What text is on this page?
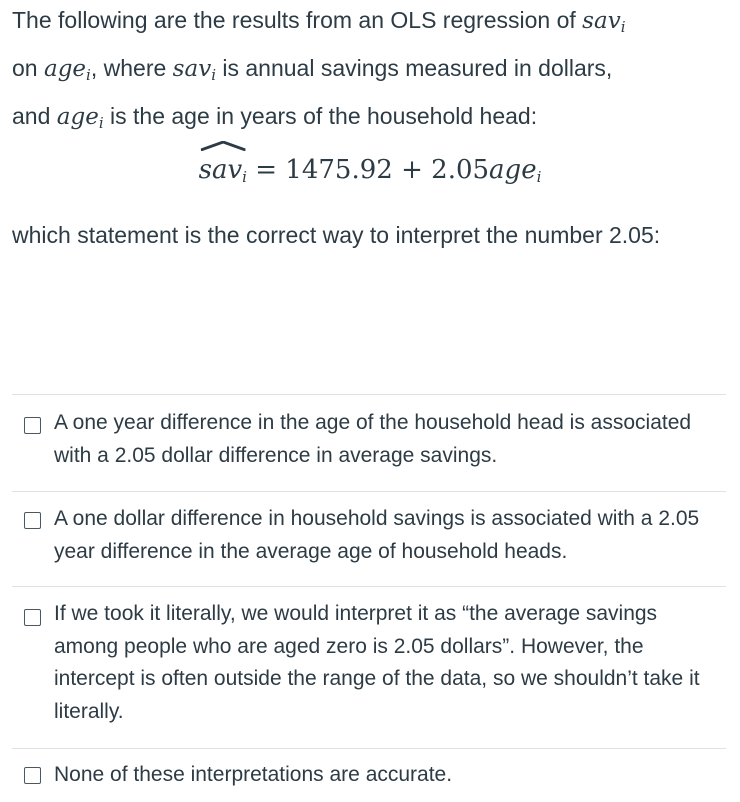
The following are the results from an OLS regression of sav$_i$
on age$_i$, where sav$_i$ is annual savings measured in dollars,
and age$_i$ is the age in years of the household head:
sav$_i$ = 1475.92 + 2.05age$_i$
which statement is the correct way to interpret the number 2.05:
A one year difference in the age of the household head is associated with a 2.05 dollar difference in average savings.
A one dollar difference in household savings is associated with a 2.05 year difference in the average age of household heads.
If we took it literally, we would interpret it as “the average savings among people who are aged zero is 2.05 dollars”. However, the intercept is often outside the range of the data, so we shouldn’t take it literally.
None of these interpretations are accurate.
